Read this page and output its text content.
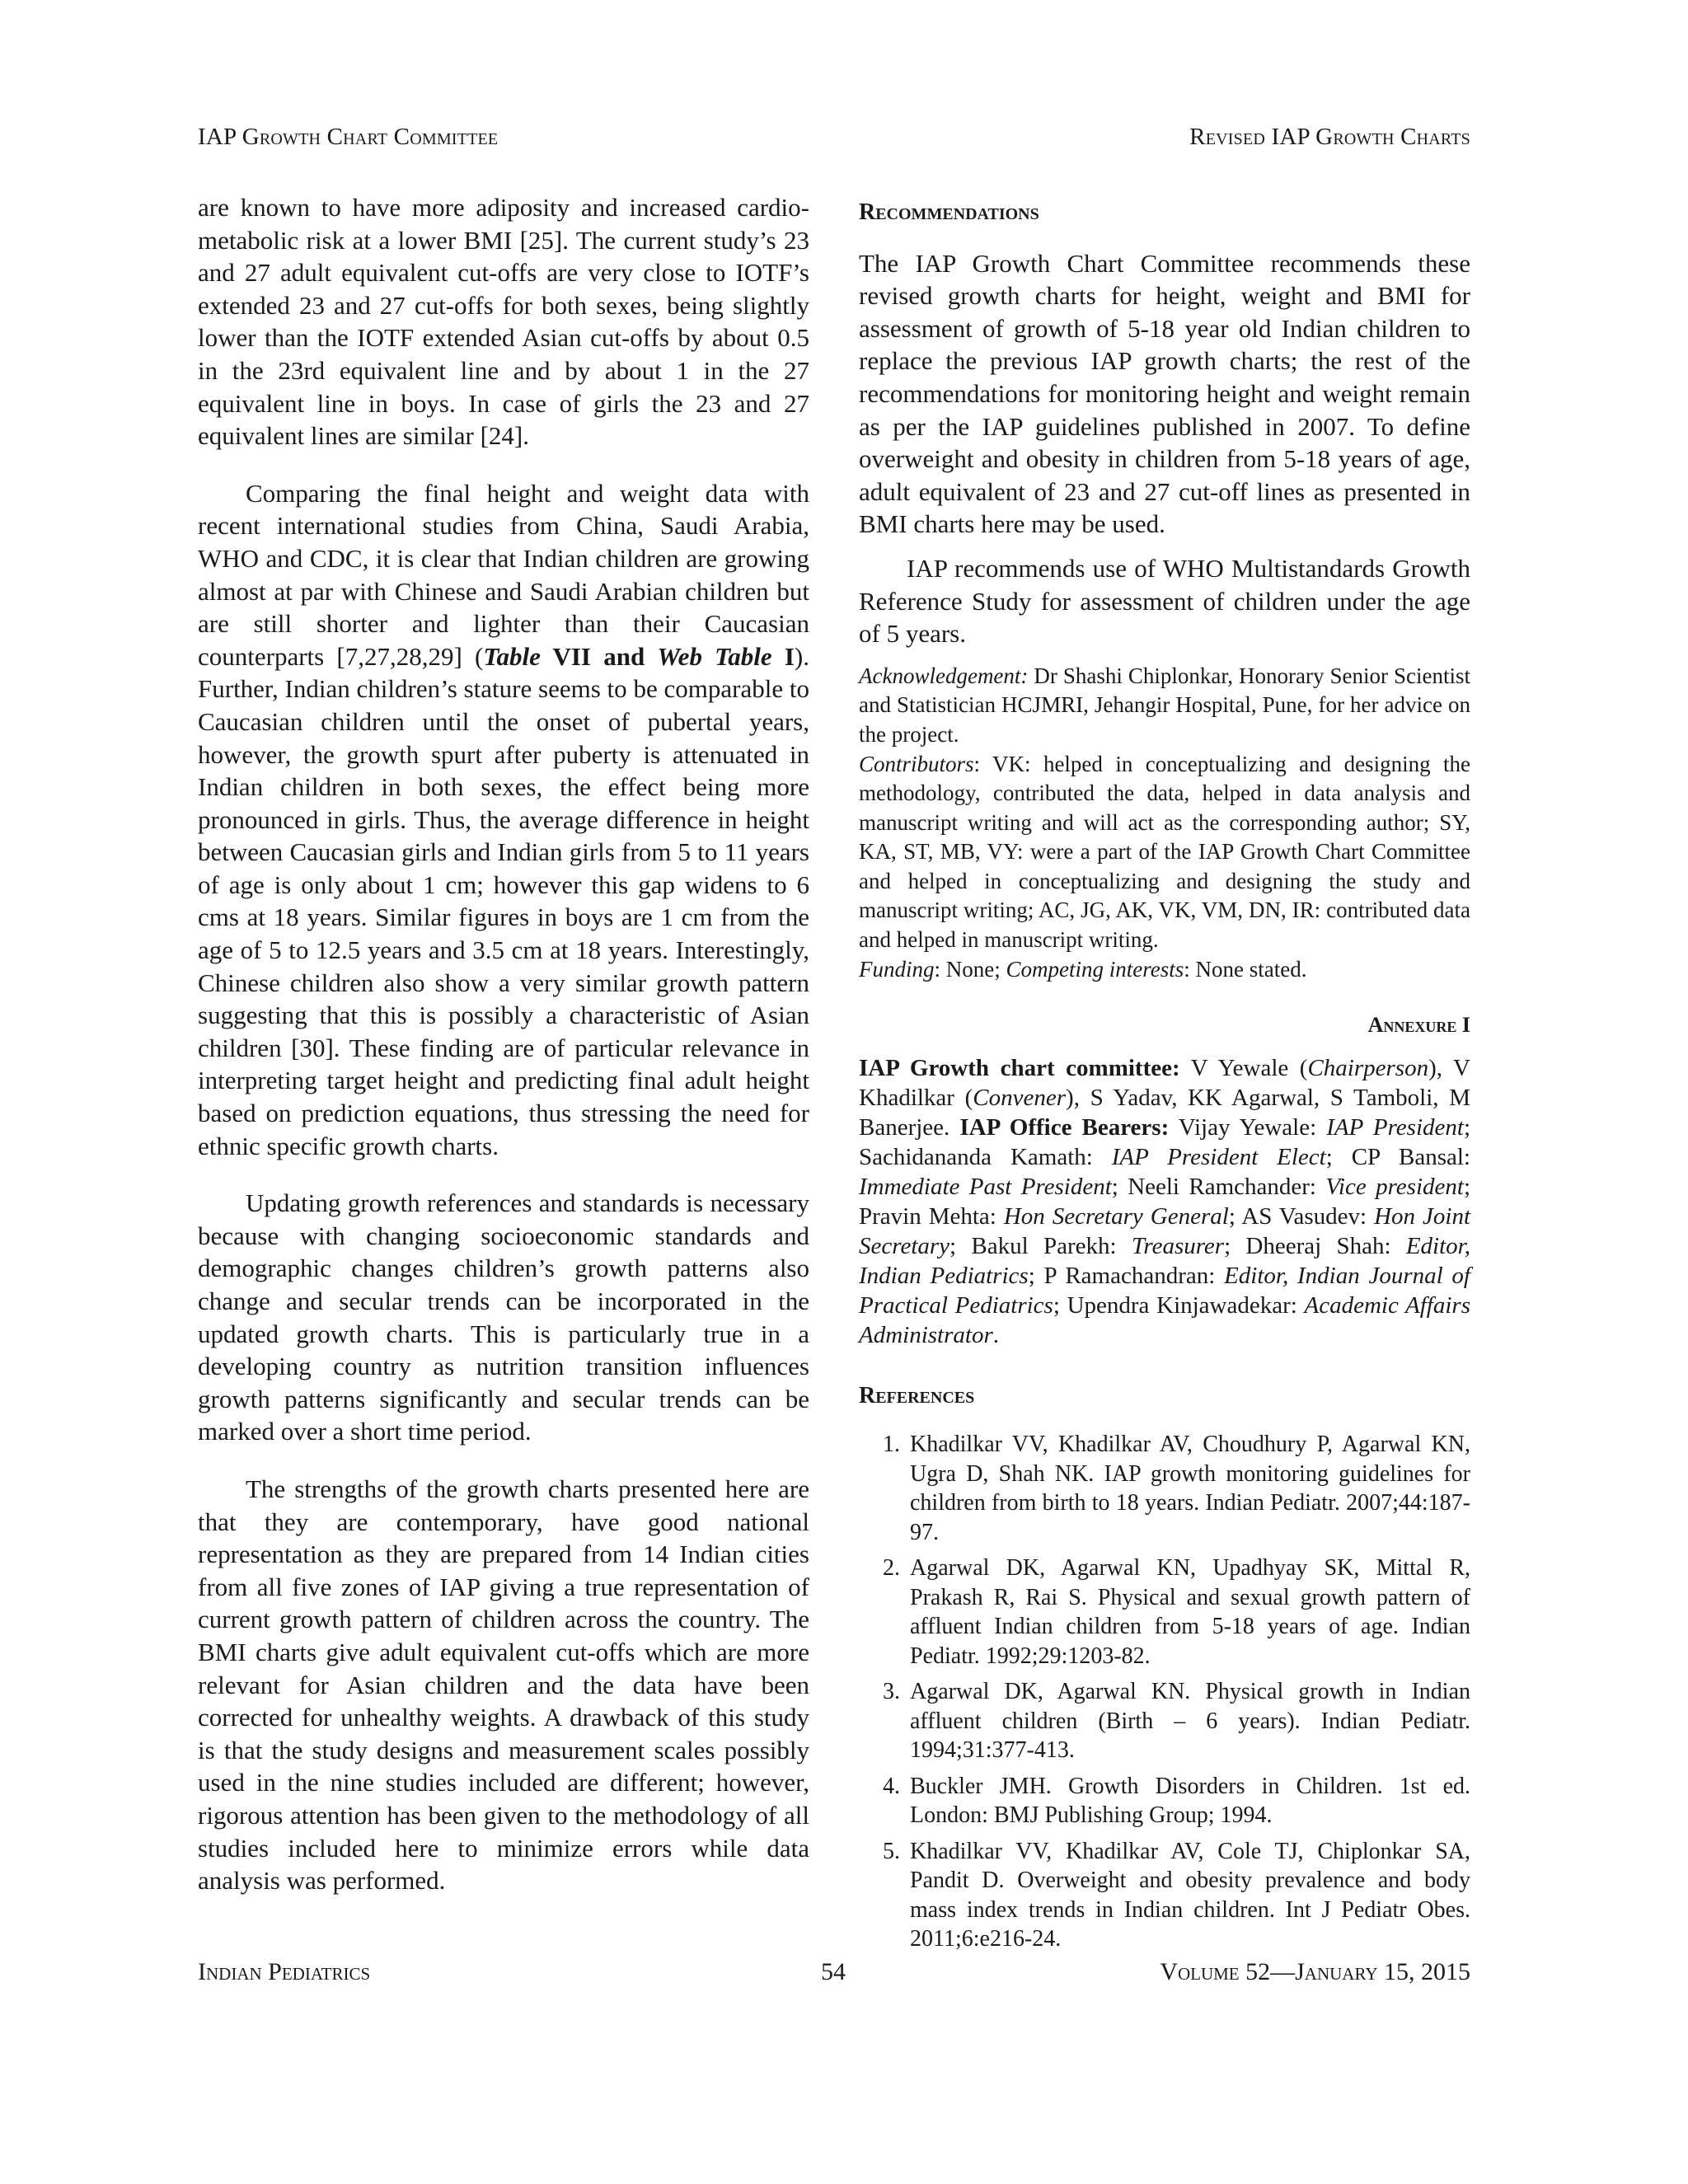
IAP Growth Chart Committee	Revised IAP Growth Charts

are known to have more adiposity and increased cardio-metabolic risk at a lower BMI [25]. The current study’s 23 and 27 adult equivalent cut-offs are very close to IOTF’s extended 23 and 27 cut-offs for both sexes, being slightly lower than the IOTF extended Asian cut-offs by about 0.5 in the 23rd equivalent line and by about 1 in the 27 equivalent line in boys. In case of girls the 23 and 27 equivalent lines are similar [24].

Comparing the final height and weight data with recent international studies from China, Saudi Arabia, WHO and CDC, it is clear that Indian children are growing almost at par with Chinese and Saudi Arabian children but are still shorter and lighter than their Caucasian counterparts [7,27,28,29] (Table VII and Web Table I). Further, Indian children’s stature seems to be comparable to Caucasian children until the onset of pubertal years, however, the growth spurt after puberty is attenuated in Indian children in both sexes, the effect being more pronounced in girls. Thus, the average difference in height between Caucasian girls and Indian girls from 5 to 11 years of age is only about 1 cm; however this gap widens to 6 cms at 18 years. Similar figures in boys are 1 cm from the age of 5 to 12.5 years and 3.5 cm at 18 years. Interestingly, Chinese children also show a very similar growth pattern suggesting that this is possibly a characteristic of Asian children [30]. These finding are of particular relevance in interpreting target height and predicting final adult height based on prediction equations, thus stressing the need for ethnic specific growth charts.

Updating growth references and standards is necessary because with changing socioeconomic standards and demographic changes children’s growth patterns also change and secular trends can be incorporated in the updated growth charts. This is particularly true in a developing country as nutrition transition influences growth patterns significantly and secular trends can be marked over a short time period.

The strengths of the growth charts presented here are that they are contemporary, have good national representation as they are prepared from 14 Indian cities from all five zones of IAP giving a true representation of current growth pattern of children across the country. The BMI charts give adult equivalent cut-offs which are more relevant for Asian children and the data have been corrected for unhealthy weights. A drawback of this study is that the study designs and measurement scales possibly used in the nine studies included are different; however, rigorous attention has been given to the methodology of all studies included here to minimize errors while data analysis was performed.

Recommendations

The IAP Growth Chart Committee recommends these revised growth charts for height, weight and BMI for assessment of growth of 5-18 year old Indian children to replace the previous IAP growth charts; the rest of the recommendations for monitoring height and weight remain as per the IAP guidelines published in 2007. To define overweight and obesity in children from 5-18 years of age, adult equivalent of 23 and 27 cut-off lines as presented in BMI charts here may be used.

IAP recommends use of WHO Multistandards Growth Reference Study for assessment of children under the age of 5 years.

Acknowledgement: Dr Shashi Chiplonkar, Honorary Senior Scientist and Statistician HCJMRI, Jehangir Hospital, Pune, for her advice on the project.

Contributors: VK: helped in conceptualizing and designing the methodology, contributed the data, helped in data analysis and manuscript writing and will act as the corresponding author; SY, KA, ST, MB, VY: were a part of the IAP Growth Chart Committee and helped in conceptualizing and designing the study and manuscript writing; AC, JG, AK, VK, VM, DN, IR: contributed data and helped in manuscript writing.

Funding: None; Competing interests: None stated.

Annexure I

IAP Growth chart committee: V Yewale (Chairperson), V Khadilkar (Convener), S Yadav, KK Agarwal, S Tamboli, M Banerjee. IAP Office Bearers: Vijay Yewale: IAP President; Sachidananda Kamath: IAP President Elect; CP Bansal: Immediate Past President; Neeli Ramchander: Vice president; Pravin Mehta: Hon Secretary General; AS Vasudev: Hon Joint Secretary; Bakul Parekh: Treasurer; Dheeraj Shah: Editor, Indian Pediatrics; P Ramachandran: Editor, Indian Journal of Practical Pediatrics; Upendra Kinjawadekar: Academic Affairs Administrator.

References
1. Khadilkar VV, Khadilkar AV, Choudhury P, Agarwal KN, Ugra D, Shah NK. IAP growth monitoring guidelines for children from birth to 18 years. Indian Pediatr. 2007;44:187-97.
2. Agarwal DK, Agarwal KN, Upadhyay SK, Mittal R, Prakash R, Rai S. Physical and sexual growth pattern of affluent Indian children from 5-18 years of age. Indian Pediatr. 1992;29:1203-82.
3. Agarwal DK, Agarwal KN. Physical growth in Indian affluent children (Birth – 6 years). Indian Pediatr. 1994;31:377-413.
4. Buckler JMH. Growth Disorders in Children. 1st ed. London: BMJ Publishing Group; 1994.
5. Khadilkar VV, Khadilkar AV, Cole TJ, Chiplonkar SA, Pandit D. Overweight and obesity prevalence and body mass index trends in Indian children. Int J Pediatr Obes. 2011;6:e216-24.
Indian Pediatrics	54	Volume 52—January 15, 2015
